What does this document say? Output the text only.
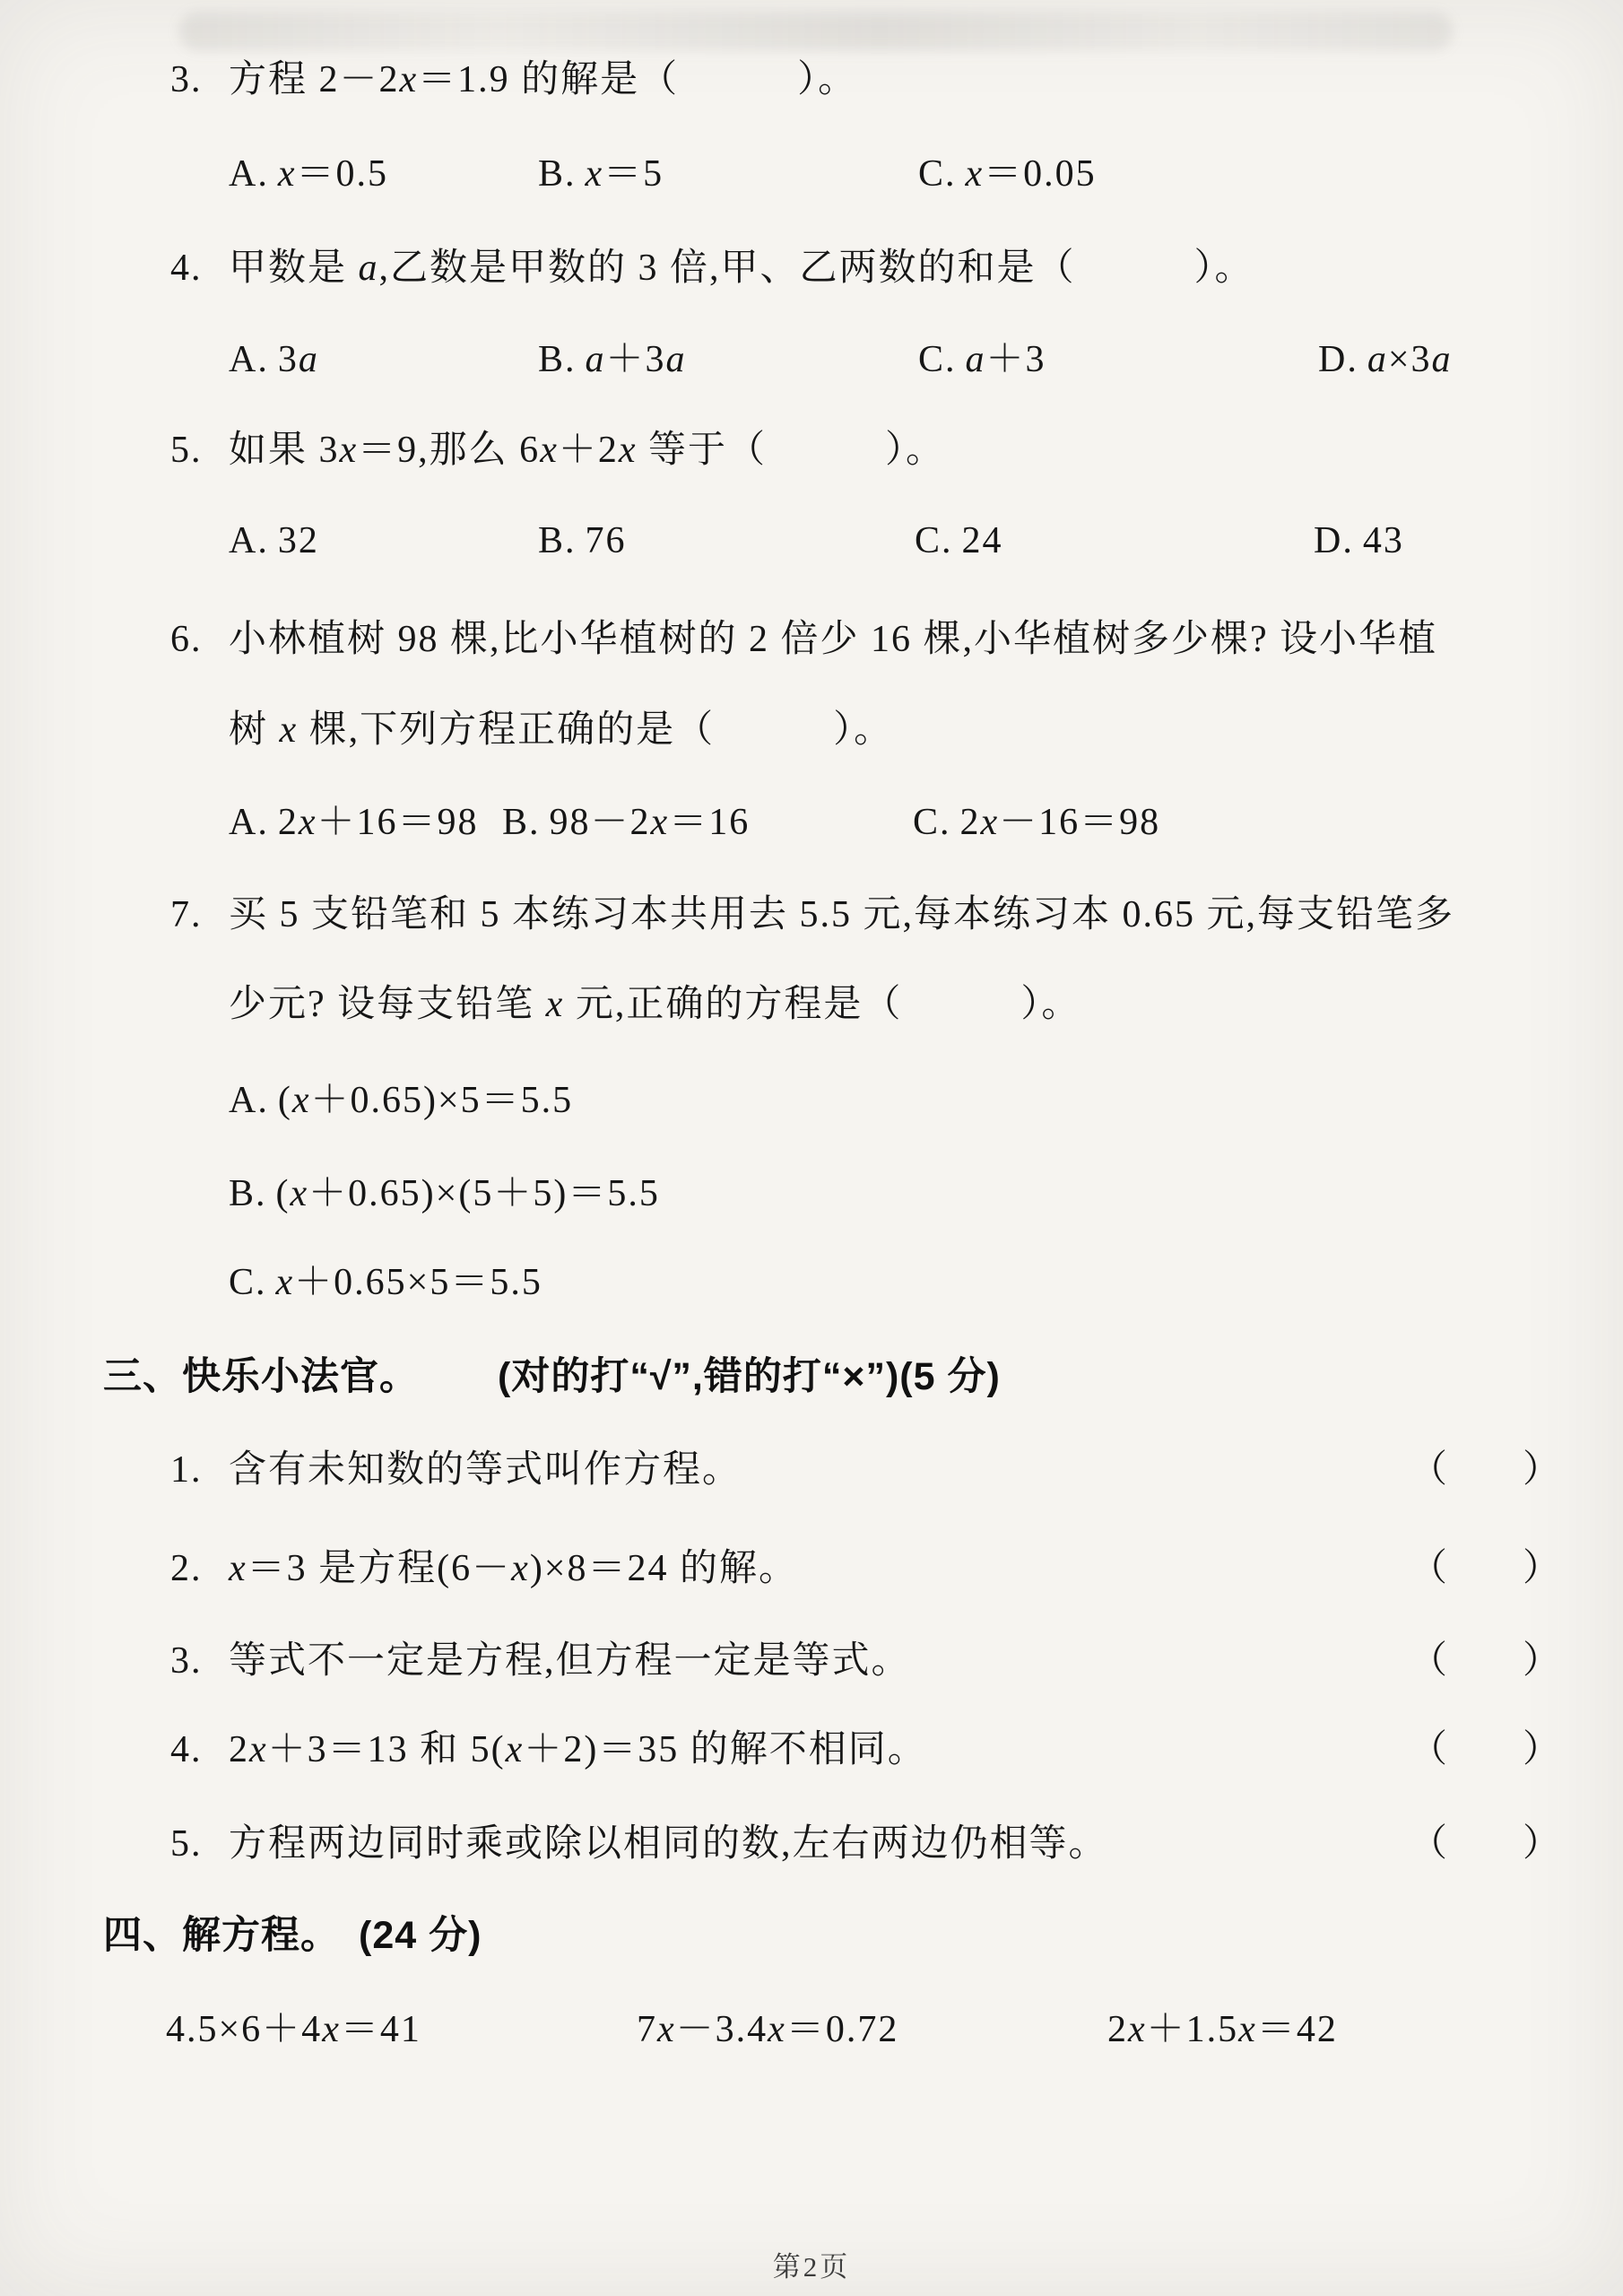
3. 方程 2－2x＝1.9 的解是（　　　）。
A. x＝0.5	B. x＝5	C. x＝0.05
4. 甲数是 a,乙数是甲数的 3 倍,甲、乙两数的和是（　　　）。
A. 3a	B. a＋3a	C. a＋3	D. a×3a
5. 如果 3x＝9,那么 6x＋2x 等于（　　　）。
A. 32	B. 76	C. 24	D. 43
6. 小林植树 98 棵,比小华植树的 2 倍少 16 棵,小华植树多少棵? 设小华植
树 x 棵,下列方程正确的是（　　　）。
A. 2x＋16＝98 B. 98－2x＝16	C. 2x－16＝98
7. 买 5 支铅笔和 5 本练习本共用去 5.5 元,每本练习本 0.65 元,每支铅笔多
少元? 设每支铅笔 x 元,正确的方程是（　　　）。
A. (x＋0.65)×5＝5.5
B. (x＋0.65)×(5＋5)＝5.5
C. x＋0.65×5＝5.5
三、快乐小法官。 (对的打“√”,错的打“×”)(5 分)
1. 含有未知数的等式叫作方程。	（　　）
2. x＝3 是方程(6－x)×8＝24 的解。	（　　）
3. 等式不一定是方程,但方程一定是等式。	（　　）
4. 2x＋3＝13 和 5(x＋2)＝35 的解不相同。	（　　）
5. 方程两边同时乘或除以相同的数,左右两边仍相等。	（　　）
四、解方程。 (24 分)
4.5×6＋4x＝41	7x－3.4x＝0.72	2x＋1.5x＝42
第2页
